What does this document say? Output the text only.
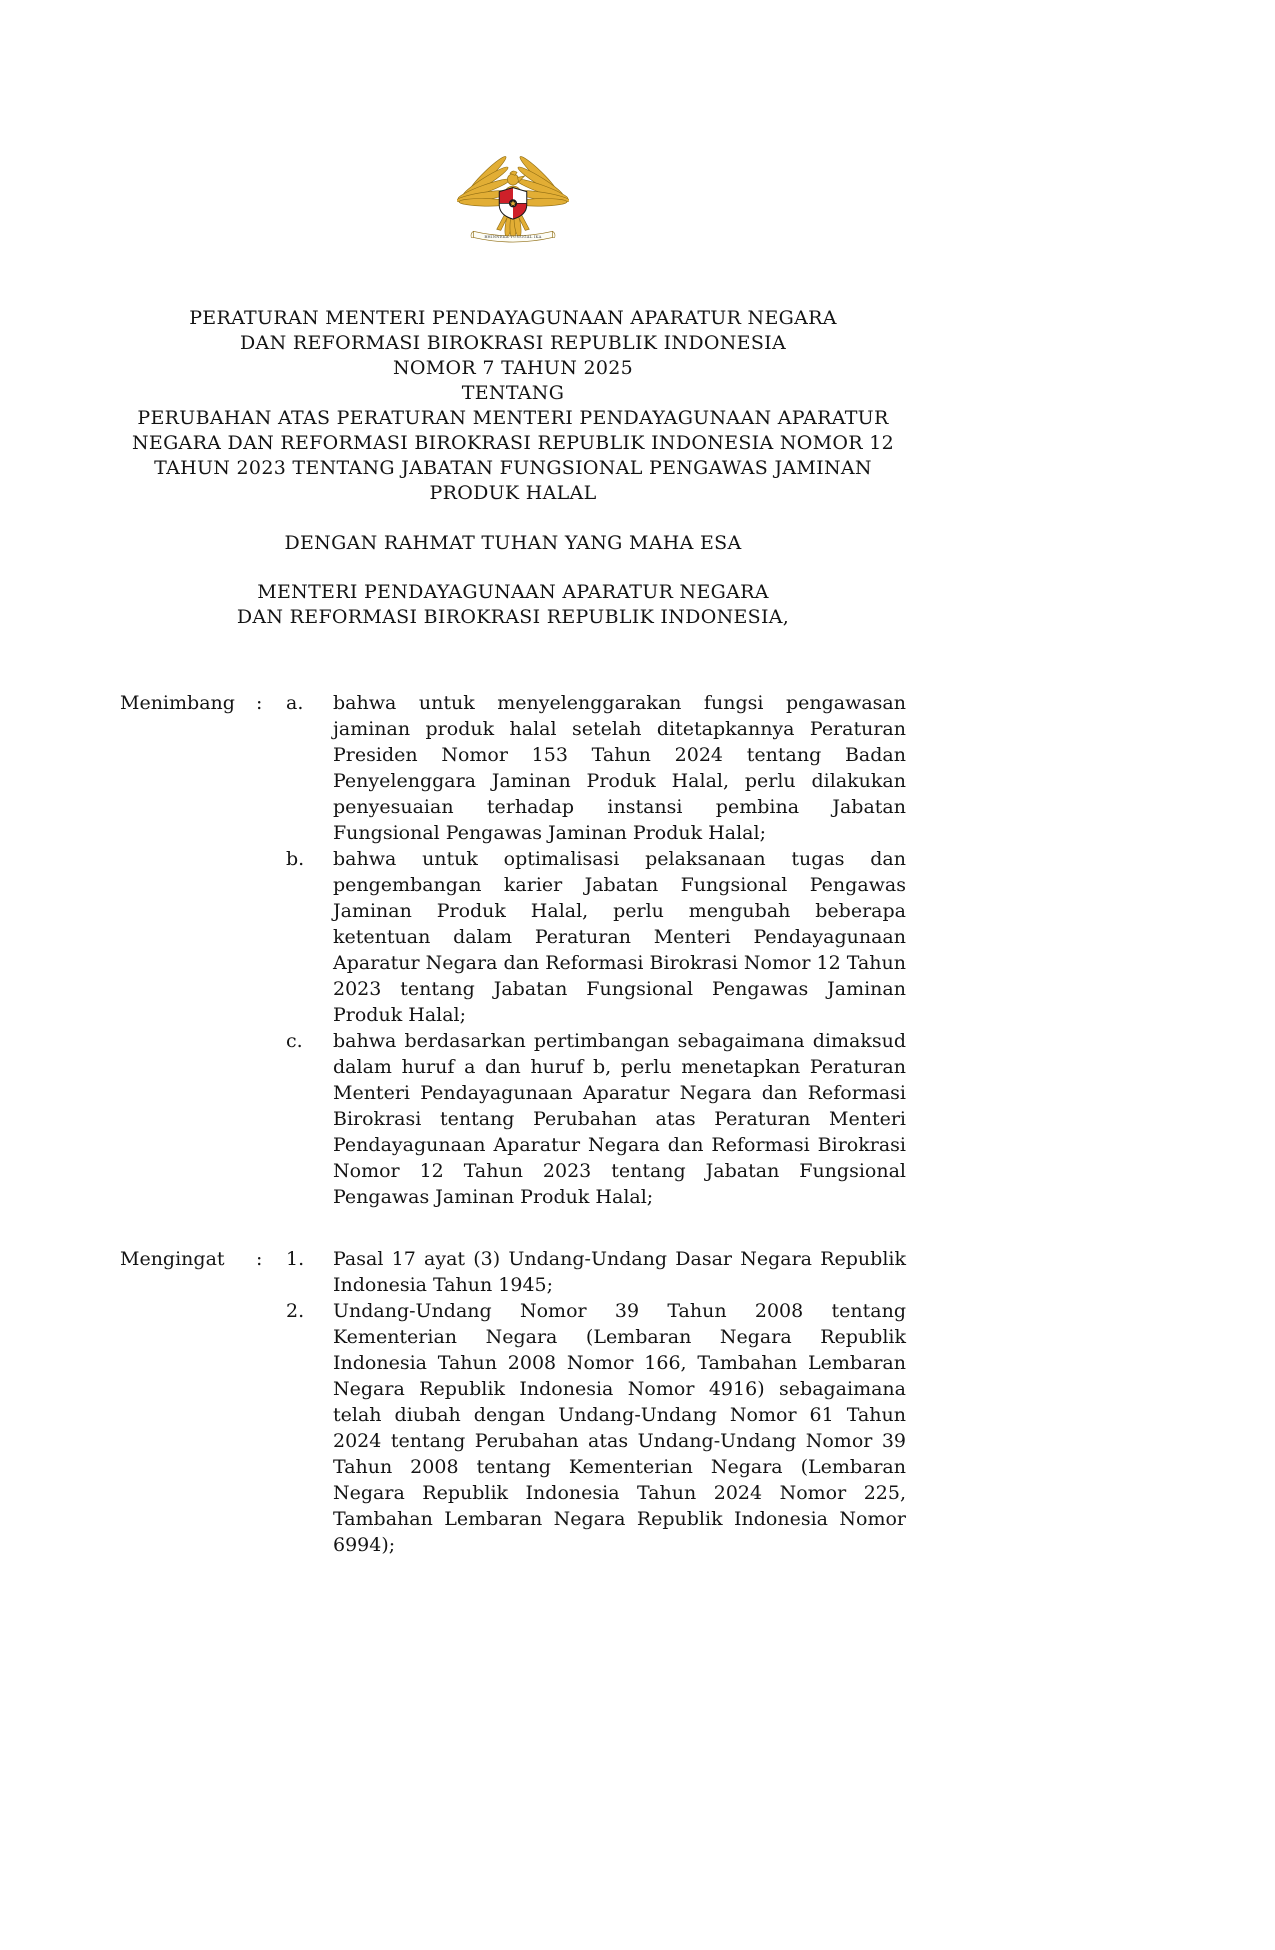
BHINNEKA TUNGGAL IKA
PERATURAN MENTERI PENDAYAGUNAAN APARATUR NEGARA
DAN REFORMASI BIROKRASI REPUBLIK INDONESIA
NOMOR 7 TAHUN 2025
TENTANG
PERUBAHAN ATAS PERATURAN MENTERI PENDAYAGUNAAN APARATUR
NEGARA DAN REFORMASI BIROKRASI REPUBLIK INDONESIA NOMOR 12
TAHUN 2023 TENTANG JABATAN FUNGSIONAL PENGAWAS JAMINAN
PRODUK HALAL
DENGAN RAHMAT TUHAN YANG MAHA ESA
MENTERI PENDAYAGUNAAN APARATUR NEGARA
DAN REFORMASI BIROKRASI REPUBLIK INDONESIA,
Menimbang	:	a.	bahwa untuk menyelenggarakan fungsi pengawasan jaminan produk halal setelah ditetapkannya Peraturan Presiden Nomor 153 Tahun 2024 tentang Badan Penyelenggara Jaminan Produk Halal, perlu dilakukan penyesuaian terhadap instansi pembina Jabatan Fungsional Pengawas Jaminan Produk Halal;
b.	bahwa untuk optimalisasi pelaksanaan tugas dan pengembangan karier Jabatan Fungsional Pengawas Jaminan Produk Halal, perlu mengubah beberapa ketentuan dalam Peraturan Menteri Pendayagunaan Aparatur Negara dan Reformasi Birokrasi Nomor 12 Tahun 2023 tentang Jabatan Fungsional Pengawas Jaminan Produk Halal;
c.	bahwa berdasarkan pertimbangan sebagaimana dimaksud dalam huruf a dan huruf b, perlu menetapkan Peraturan Menteri Pendayagunaan Aparatur Negara dan Reformasi Birokrasi tentang Perubahan atas Peraturan Menteri Pendayagunaan Aparatur Negara dan Reformasi Birokrasi Nomor 12 Tahun 2023 tentang Jabatan Fungsional Pengawas Jaminan Produk Halal;
Mengingat	:	1.	Pasal 17 ayat (3) Undang-Undang Dasar Negara Republik Indonesia Tahun 1945;
2.	Undang-Undang Nomor 39 Tahun 2008 tentang Kementerian Negara (Lembaran Negara Republik Indonesia Tahun 2008 Nomor 166, Tambahan Lembaran Negara Republik Indonesia Nomor 4916) sebagaimana telah diubah dengan Undang-Undang Nomor 61 Tahun 2024 tentang Perubahan atas Undang-Undang Nomor 39 Tahun 2008 tentang Kementerian Negara (Lembaran Negara Republik Indonesia Tahun 2024 Nomor 225, Tambahan Lembaran Negara Republik Indonesia Nomor 6994);
